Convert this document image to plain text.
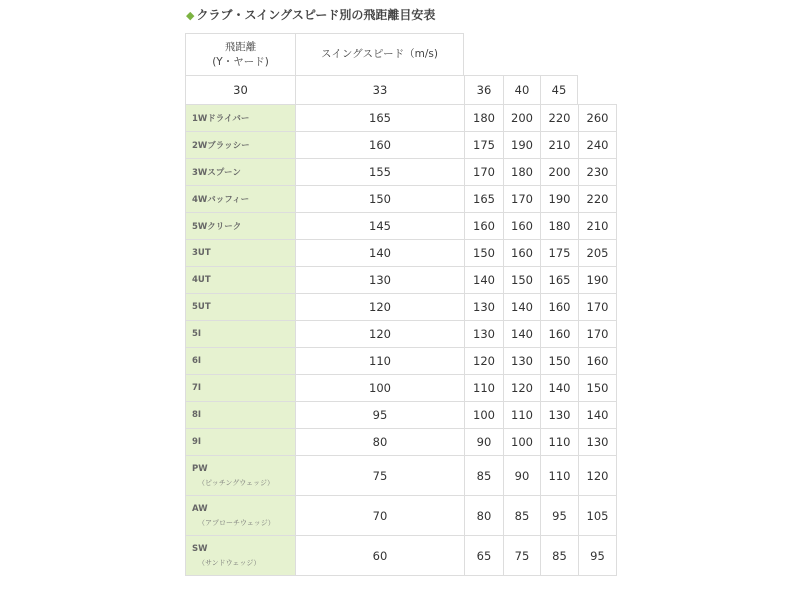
◆ クラブ・スイングスピード別の飛距離目安表
飛距離
(Y・ヤード)
スイングスピード（m/s)
30	33	36	40	45
1Wドライバー	165	180	200	220	260
2Wブラッシー	160	175	190	210	240
3Wスプーン	155	170	180	200	230
4Wバッフィー	150	165	170	190	220
5Wクリーク	145	160	160	180	210
3UT	140	150	160	175	205
4UT	130	140	150	165	190
5UT	120	130	140	160	170
5I	120	130	140	160	170
6I	110	120	130	150	160
7I	100	110	120	140	150
8I	95	100	110	130	140
9I	80	90	100	110	130
PW
（ピッチングウェッジ）	75	85	90	110	120
AW
（アプローチウェッジ）	70	80	85	95	105
SW
（サンドウェッジ）	60	65	75	85	95
